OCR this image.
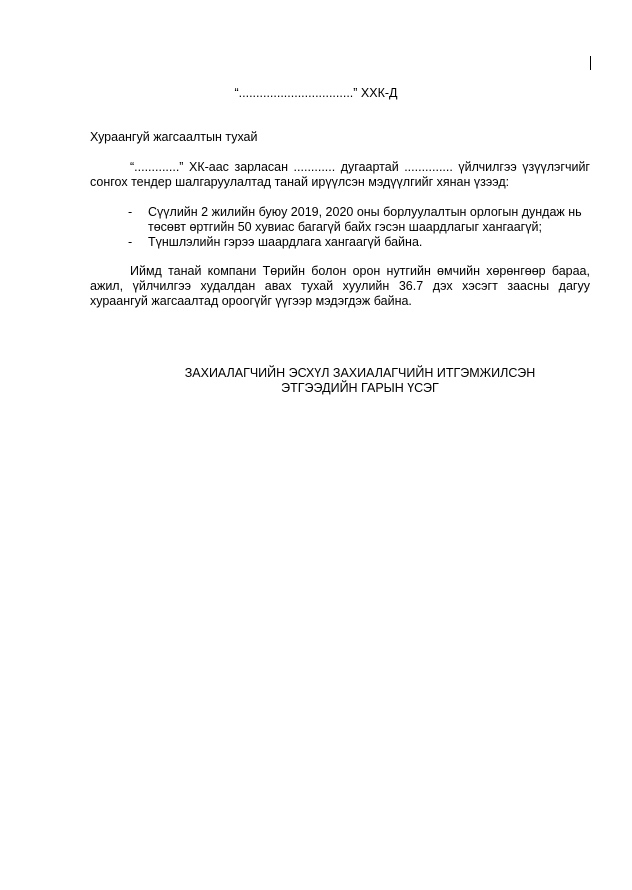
“.................................” ХХК-Д
Хураангуй жагсаалтын тухай
“.............” ХК-аас зарласан ............ дугаартай .............. үйлчилгээ үзүүлэгчийг сонгох тендер шалгаруулалтад танай ирүүлсэн мэдүүлгийг хянан үзээд:
- Сүүлийн 2 жилийн буюу 2019, 2020 оны борлуулалтын орлогын дундаж нь төсөвт өртгийн 50 хувиас багагүй байх гэсэн шаардлагыг хангаагүй;
- Түншлэлийн гэрээ шаардлага хангаагүй байна.
Иймд танай компани Төрийн болон орон нутгийн өмчийн хөрөнгөөр бараа, ажил, үйлчилгээ худалдан авах тухай хуулийн 36.7 дэх хэсэгт заасны дагуу хураангуй жагсаалтад ороогүйг үүгээр мэдэгдэж байна.
ЗАХИАЛАГЧИЙН ЭСХҮЛ ЗАХИАЛАГЧИЙН ИТГЭМЖИЛСЭН
ЭТГЭЭДИЙН ГАРЫН ҮСЭГ
